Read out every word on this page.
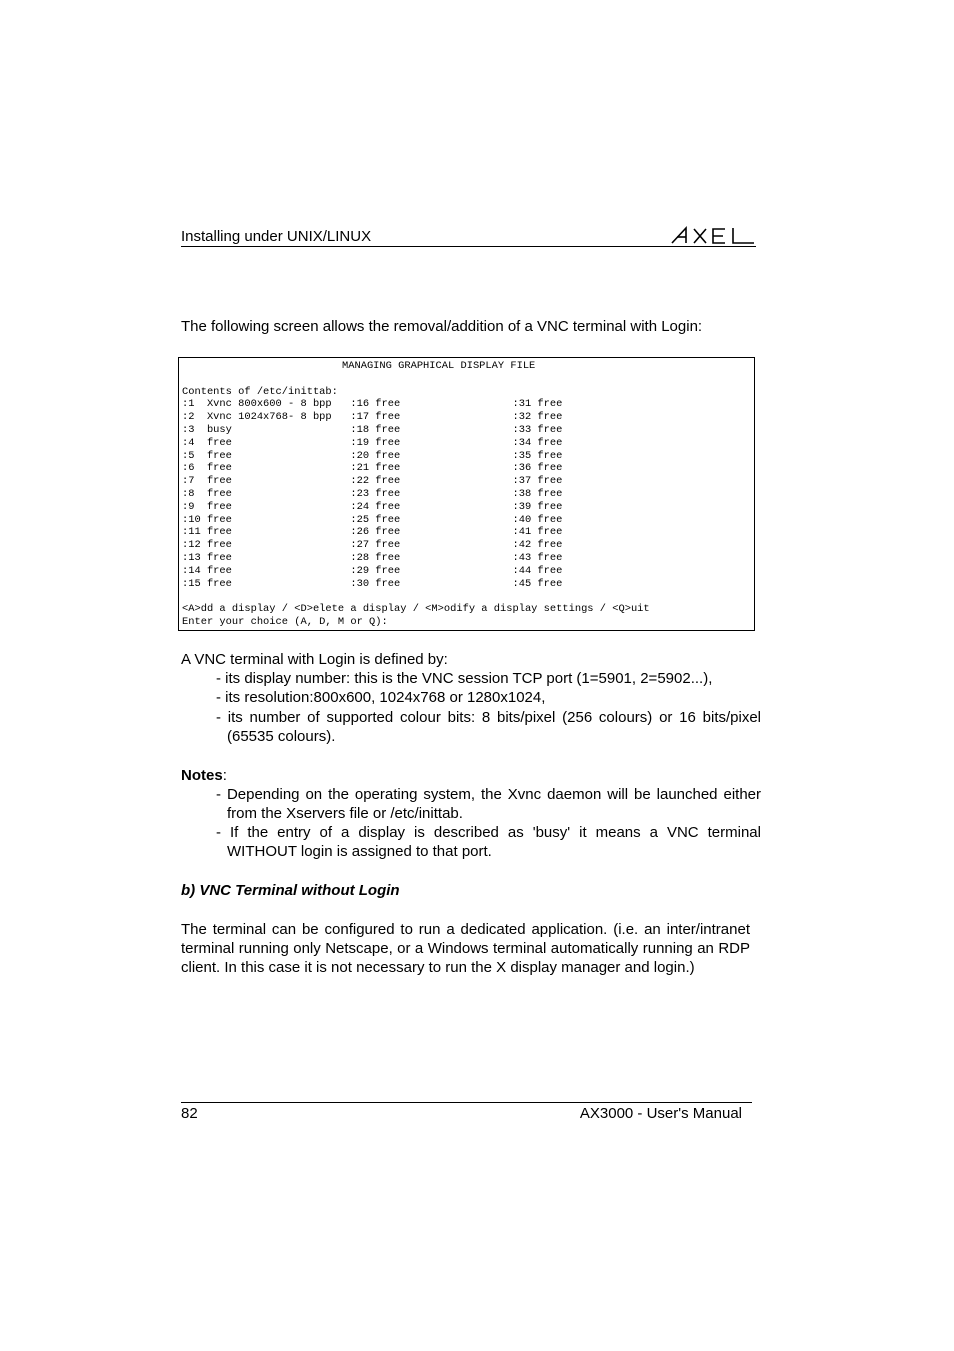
Installing under UNIX/LINUX
The following screen allows the removal/addition of a VNC terminal with Login:
MANAGING GRAPHICAL DISPLAY FILE

Contents of /etc/inittab:
:1  Xvnc 800x600 - 8 bpp   :16 free                  :31 free
:2  Xvnc 1024x768- 8 bpp   :17 free                  :32 free
:3  busy                   :18 free                  :33 free
:4  free                   :19 free                  :34 free
:5  free                   :20 free                  :35 free
:6  free                   :21 free                  :36 free
:7  free                   :22 free                  :37 free
:8  free                   :23 free                  :38 free
:9  free                   :24 free                  :39 free
:10 free                   :25 free                  :40 free
:11 free                   :26 free                  :41 free
:12 free                   :27 free                  :42 free
:13 free                   :28 free                  :43 free
:14 free                   :29 free                  :44 free
:15 free                   :30 free                  :45 free

<A>dd a display / <D>elete a display / <M>odify a display settings / <Q>uit
Enter your choice (A, D, M or Q):
A VNC terminal with Login is defined by:
- its display number: this is the VNC session TCP port (1=5901, 2=5902...),
- its resolution:800x600, 1024x768 or 1280x1024,
- its number of supported colour bits: 8 bits/pixel (256 colours) or 16 bits/pixel (65535 colours).
Notes:
- Depending on the operating system, the Xvnc daemon will be launched either from the Xservers file or /etc/inittab.
- If the entry of a display is described as 'busy' it means a VNC terminal WITHOUT login is assigned to that port.
b) VNC Terminal without Login
The terminal can be configured to run a dedicated application. (i.e. an inter/intranet terminal running only Netscape, or a Windows terminal automatically running an RDP client. In this case it is not necessary to run the X display manager and login.)
82	AX3000 - User's Manual
